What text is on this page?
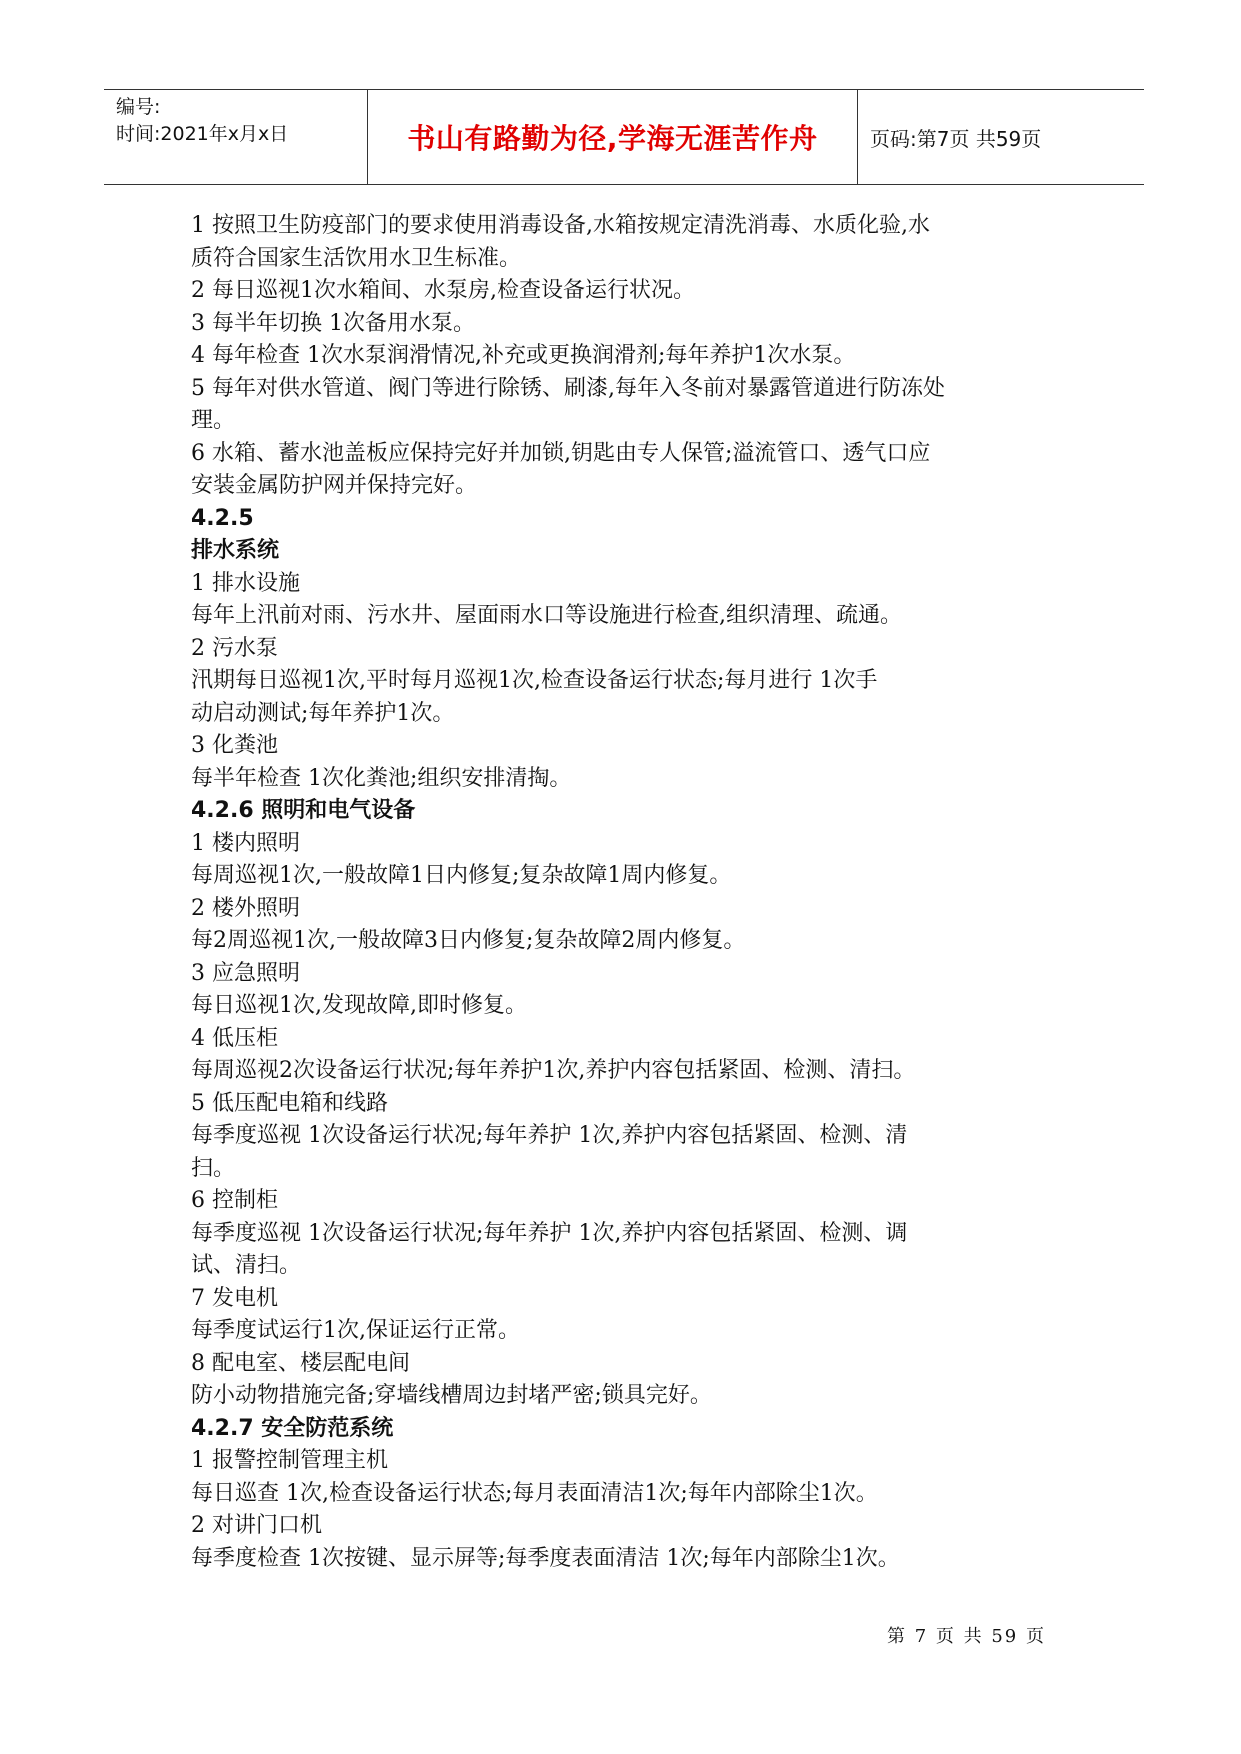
编号:
时间:2021年x月x日	书山有路勤为径,学海无涯苦作舟	页码:第7页 共59页
1 按照卫生防疫部门的要求使用消毒设备,水箱按规定清洗消毒、水质化验,水
质符合国家生活饮用水卫生标准。
2 每日巡视1次水箱间、水泵房,检查设备运行状况。
3 每半年切换 1次备用水泵。
4 每年检查 1次水泵润滑情况,补充或更换润滑剂;每年养护1次水泵。
5 每年对供水管道、阀门等进行除锈、刷漆,每年入冬前对暴露管道进行防冻处
理。
6 水箱、蓄水池盖板应保持完好并加锁,钥匙由专人保管;溢流管口、透气口应
安装金属防护网并保持完好。
4.2.5
排水系统
1 排水设施
每年上汛前对雨、污水井、屋面雨水口等设施进行检查,组织清理、疏通。
2 污水泵
汛期每日巡视1次,平时每月巡视1次,检查设备运行状态;每月进行 1次手
动启动测试;每年养护1次。
3 化粪池
每半年检查 1次化粪池;组织安排清掏。
4.2.6 照明和电气设备
1 楼内照明
每周巡视1次,一般故障1日内修复;复杂故障1周内修复。
2 楼外照明
每2周巡视1次,一般故障3日内修复;复杂故障2周内修复。
3 应急照明
每日巡视1次,发现故障,即时修复。
4 低压柜
每周巡视2次设备运行状况;每年养护1次,养护内容包括紧固、检测、清扫。
5 低压配电箱和线路
每季度巡视 1次设备运行状况;每年养护 1次,养护内容包括紧固、检测、清
扫。
6 控制柜
每季度巡视 1次设备运行状况;每年养护 1次,养护内容包括紧固、检测、调
试、清扫。
7 发电机
每季度试运行1次,保证运行正常。
8 配电室、楼层配电间
防小动物措施完备;穿墙线槽周边封堵严密;锁具完好。
4.2.7 安全防范系统
1 报警控制管理主机
每日巡查 1次,检查设备运行状态;每月表面清洁1次;每年内部除尘1次。
2 对讲门口机
每季度检查 1次按键、显示屏等;每季度表面清洁 1次;每年内部除尘1次。
第 7 页 共 59 页
